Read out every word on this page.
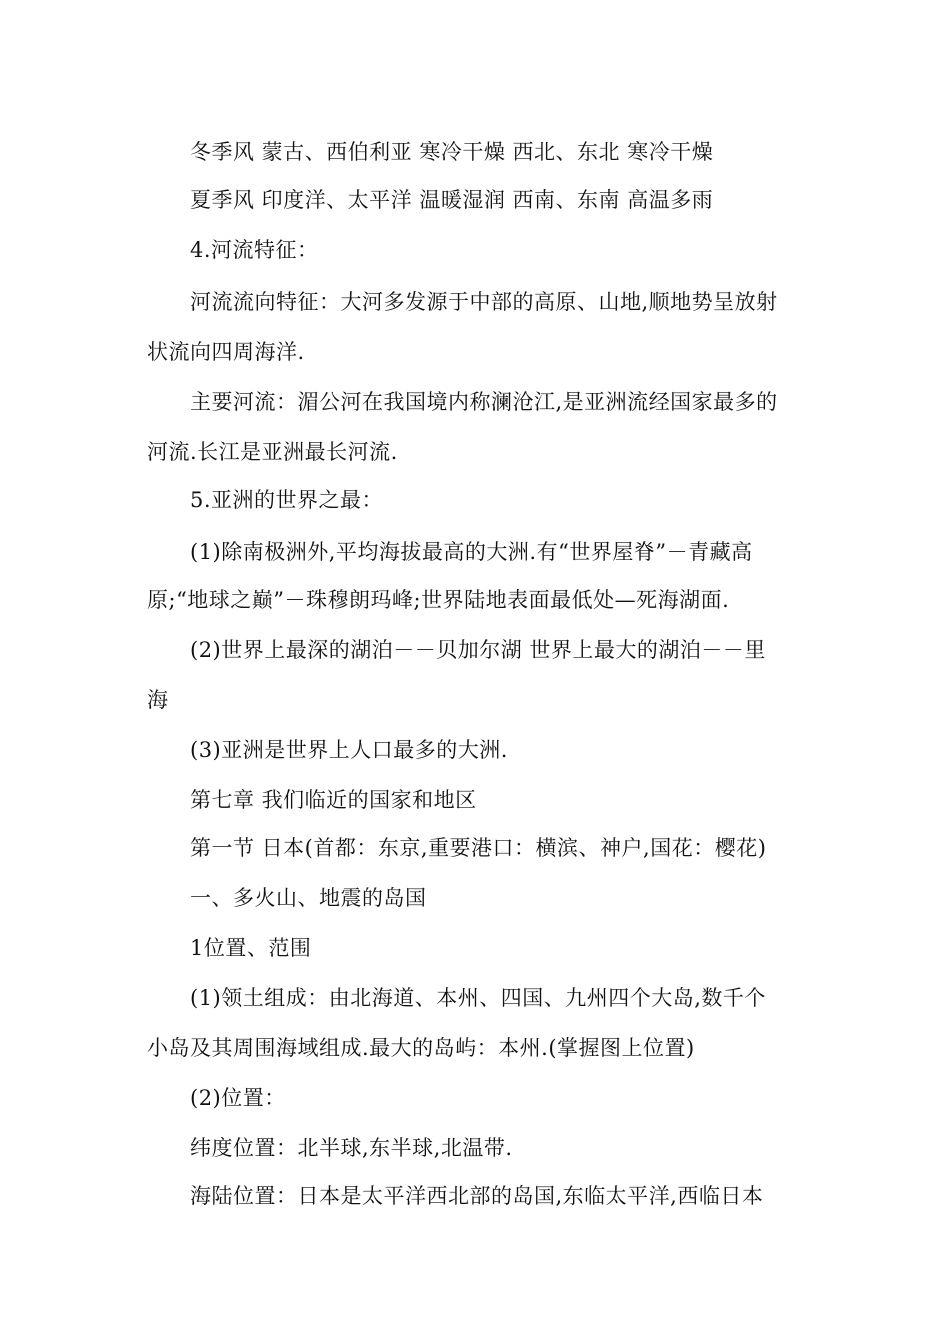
冬季风 蒙古、西伯利亚 寒冷干燥 西北、东北 寒冷干燥
夏季风 印度洋、太平洋 温暖湿润 西南、东南 高温多雨
4.河流特征：
河流流向特征：大河多发源于中部的高原、山地,顺地势呈放射
状流向四周海洋.
主要河流：湄公河在我国境内称澜沧江,是亚洲流经国家最多的
河流.长江是亚洲最长河流.
5.亚洲的世界之最：
(1)除南极洲外,平均海拔最高的大洲.有“世界屋脊”－青藏高
原;“地球之巅”－珠穆朗玛峰;世界陆地表面最低处—死海湖面.
(2)世界上最深的湖泊－－贝加尔湖 世界上最大的湖泊－－里
海
(3)亚洲是世界上人口最多的大洲.
第七章 我们临近的国家和地区
第一节 日本(首都：东京,重要港口：横滨、神户,国花：樱花)
一、多火山、地震的岛国
1位置、范围
(1)领土组成：由北海道、本州、四国、九州四个大岛,数千个
小岛及其周围海域组成.最大的岛屿：本州.(掌握图上位置)
(2)位置：
纬度位置：北半球,东半球,北温带.
海陆位置：日本是太平洋西北部的岛国,东临太平洋,西临日本
